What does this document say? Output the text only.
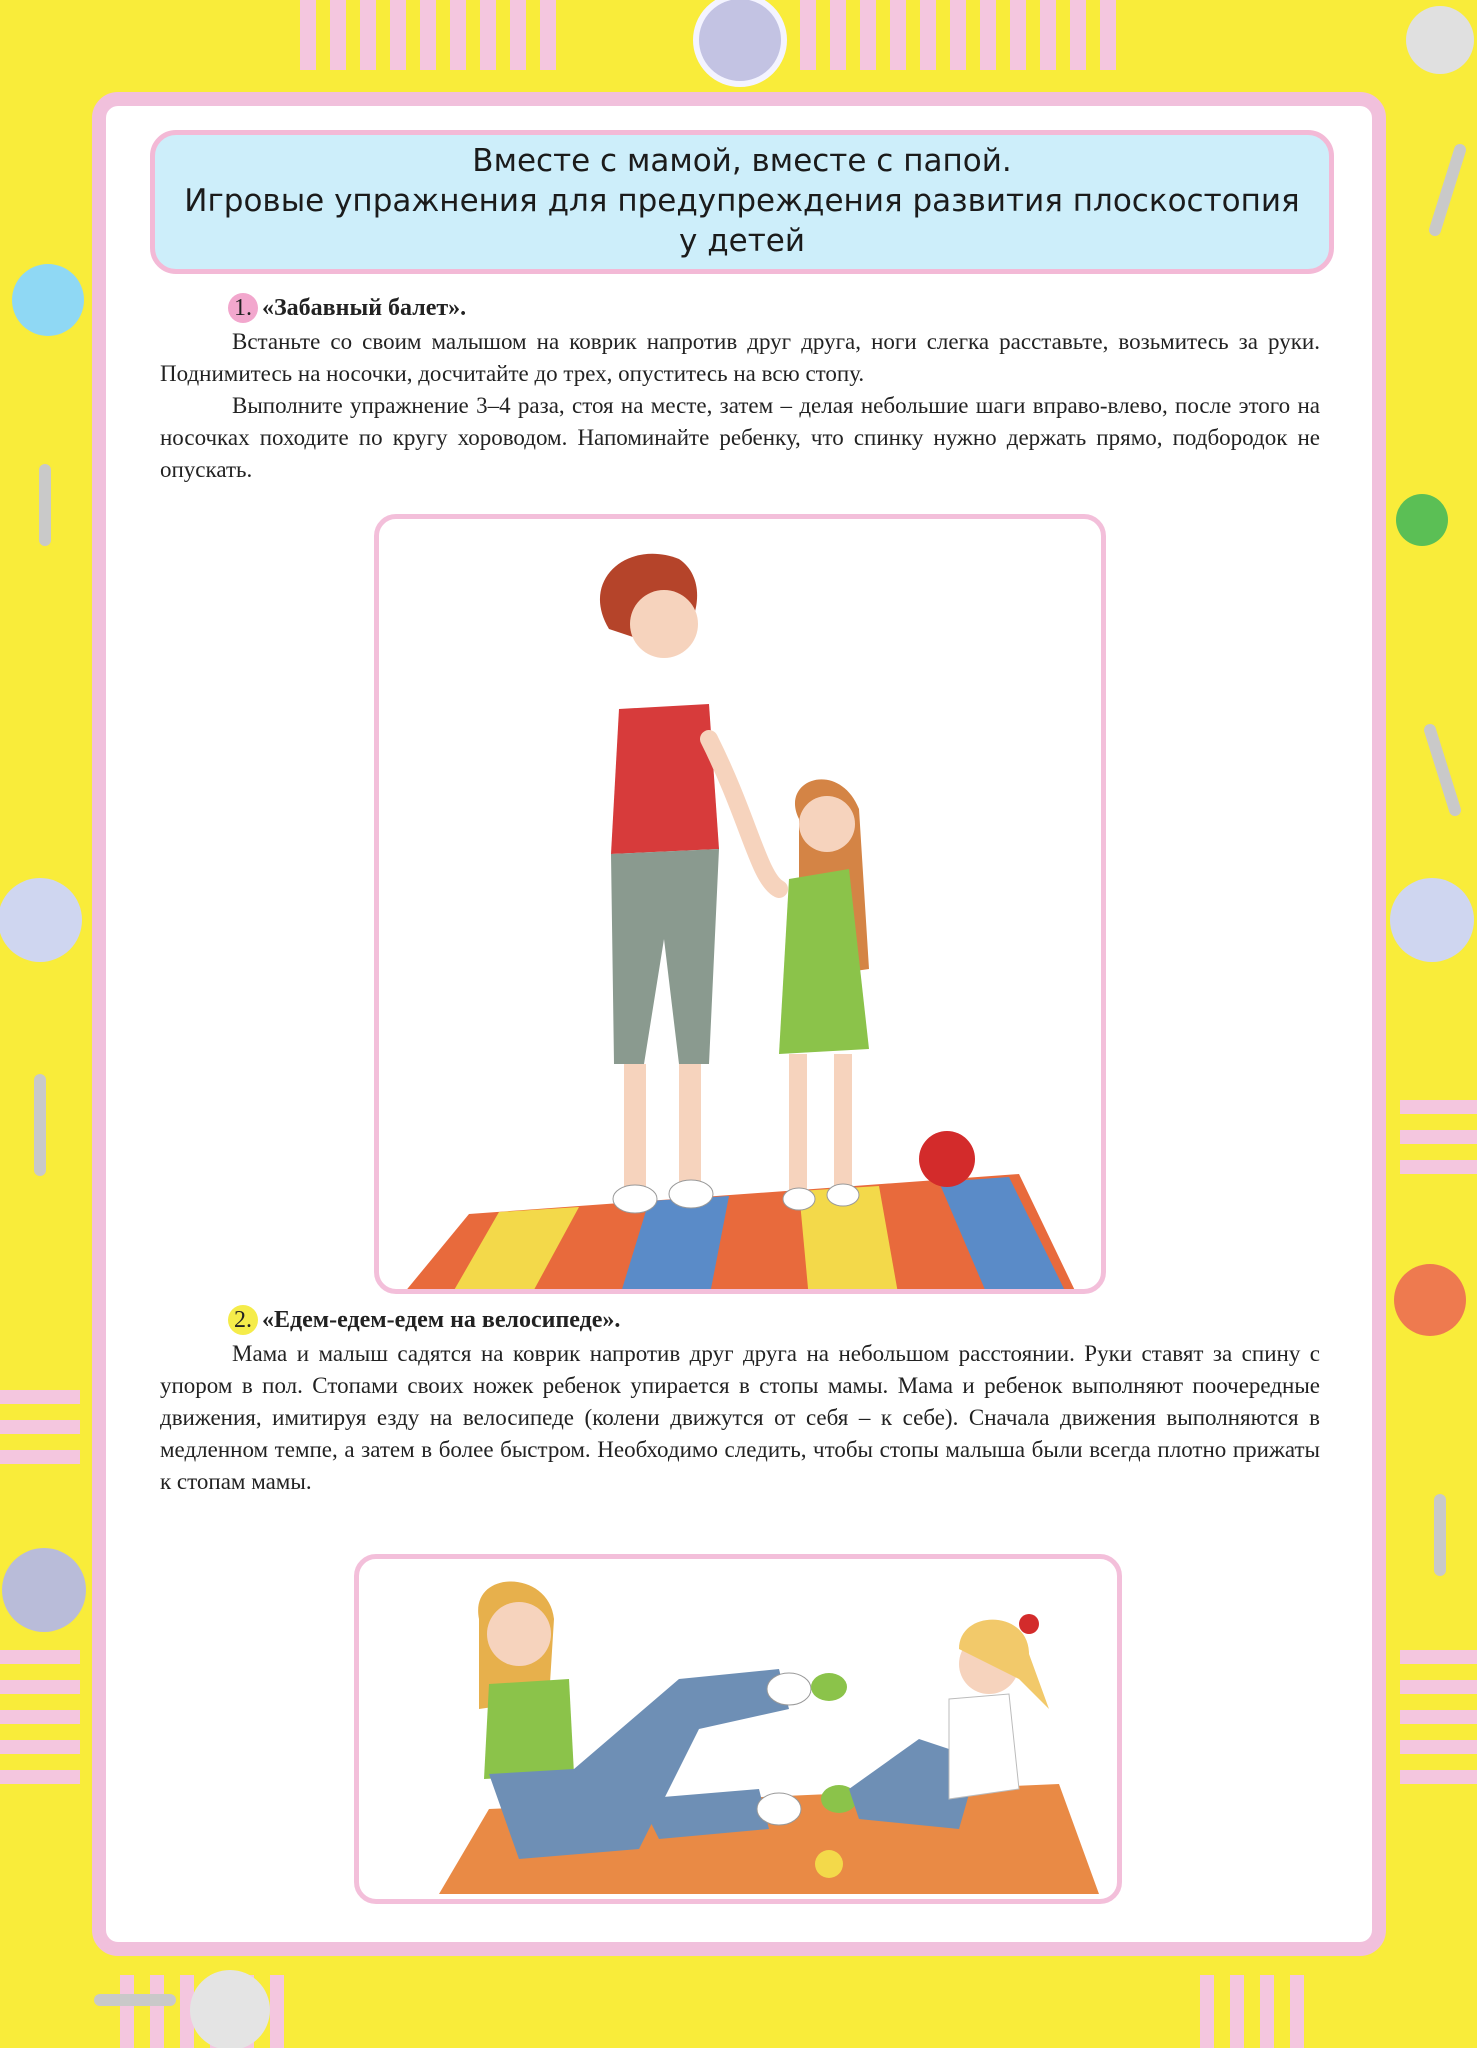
Вместе с мамой, вместе с папой.
Игровые упражнения для предупреждения развития плоскостопия
у детей
1. «Забавный балет».

Встаньте со своим малышом на коврик напротив друг друга, ноги слегка расставьте, возьмитесь за руки. Поднимитесь на носочки, досчитайте до трех, опуститесь на всю стопу.

Выполните упражнение 3–4 раза, стоя на месте, затем – делая небольшие шаги вправо-влево, после этого на носочках походите по кругу хороводом. Напоминайте ребенку, что спинку нужно держать прямо, подбородок не опускать.

2. «Едем-едем-едем на велосипеде».

Мама и малыш садятся на коврик напротив друг друга на небольшом расстоянии. Руки ставят за спину с упором в пол. Стопами своих ножек ребенок упирается в стопы мамы. Мама и ребенок выполняют поочередные движения, имитируя езду на велосипеде (колени движутся от себя – к себе). Сначала движения выполняются в медленном темпе, а затем в более быстром. Необходимо следить, чтобы стопы малыша были всегда плотно прижаты к стопам мамы.
